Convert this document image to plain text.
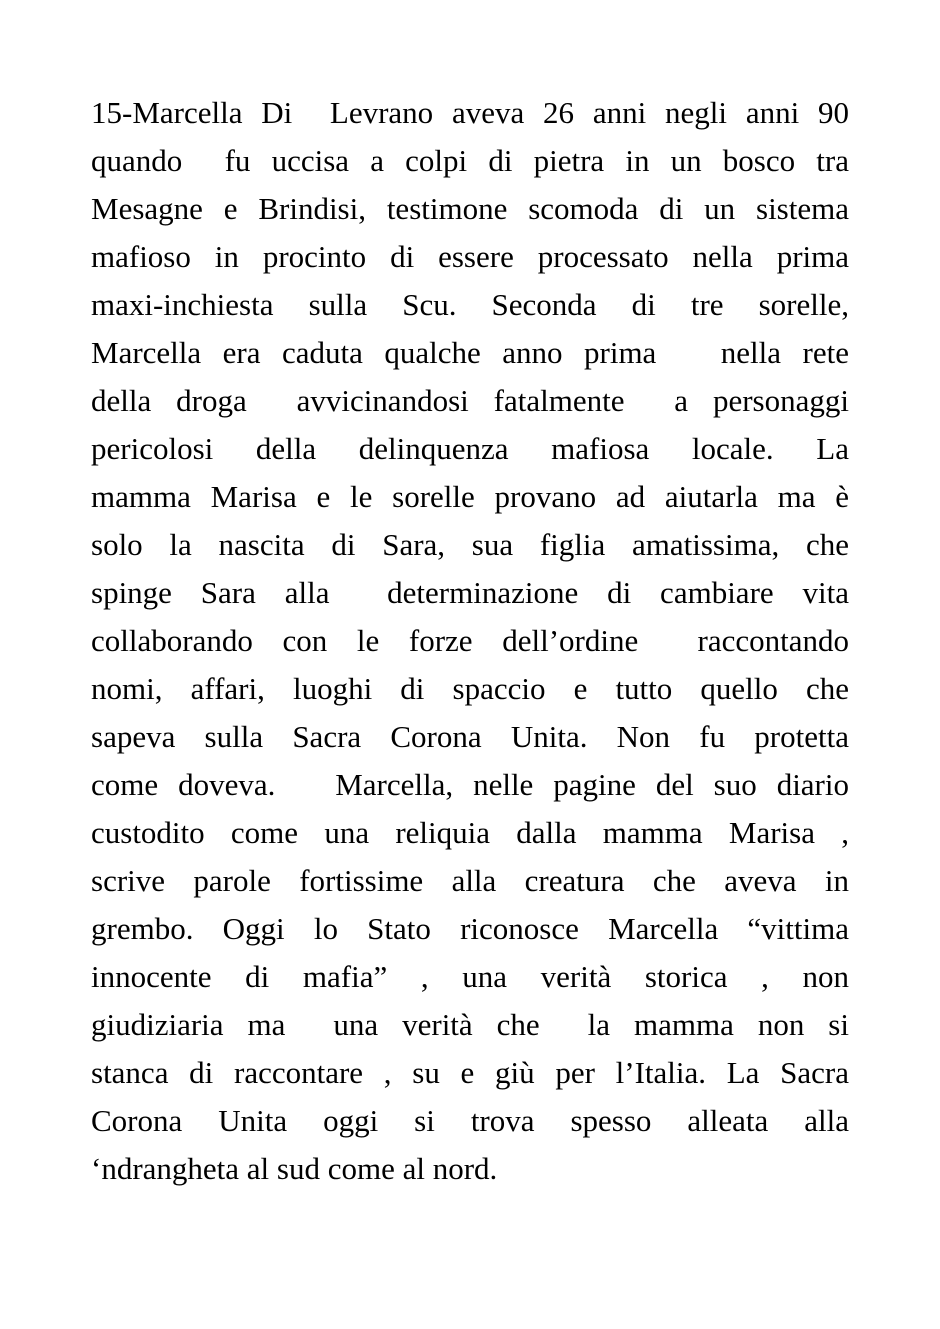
15-Marcella Di  Levrano aveva 26 anni negli anni 90
quando  fu uccisa a colpi di pietra in un bosco tra
Mesagne e Brindisi, testimone scomoda di un sistema
mafioso in procinto di essere processato nella prima
maxi-inchiesta sulla Scu. Seconda di tre sorelle,
Marcella era caduta qualche anno prima   nella rete
della droga  avvicinandosi fatalmente  a personaggi
pericolosi della delinquenza mafiosa locale. La
mamma Marisa e le sorelle provano ad aiutarla ma è
solo la nascita di Sara, sua figlia amatissima, che
spinge Sara alla  determinazione di cambiare vita
collaborando con le forze dell’ordine  raccontando
nomi, affari, luoghi di spaccio e tutto quello che
sapeva sulla Sacra Corona Unita. Non fu protetta
come doveva.   Marcella, nelle pagine del suo diario
custodito come una reliquia dalla mamma Marisa ,
scrive parole fortissime alla creatura che aveva in
grembo. Oggi lo Stato riconosce Marcella “vittima
innocente di mafia” , una verità storica , non
giudiziaria ma  una verità che  la mamma non si
stanca di raccontare , su e giù per l’Italia. La Sacra
Corona Unita oggi si trova spesso alleata alla
‘ndrangheta al sud come al nord.
